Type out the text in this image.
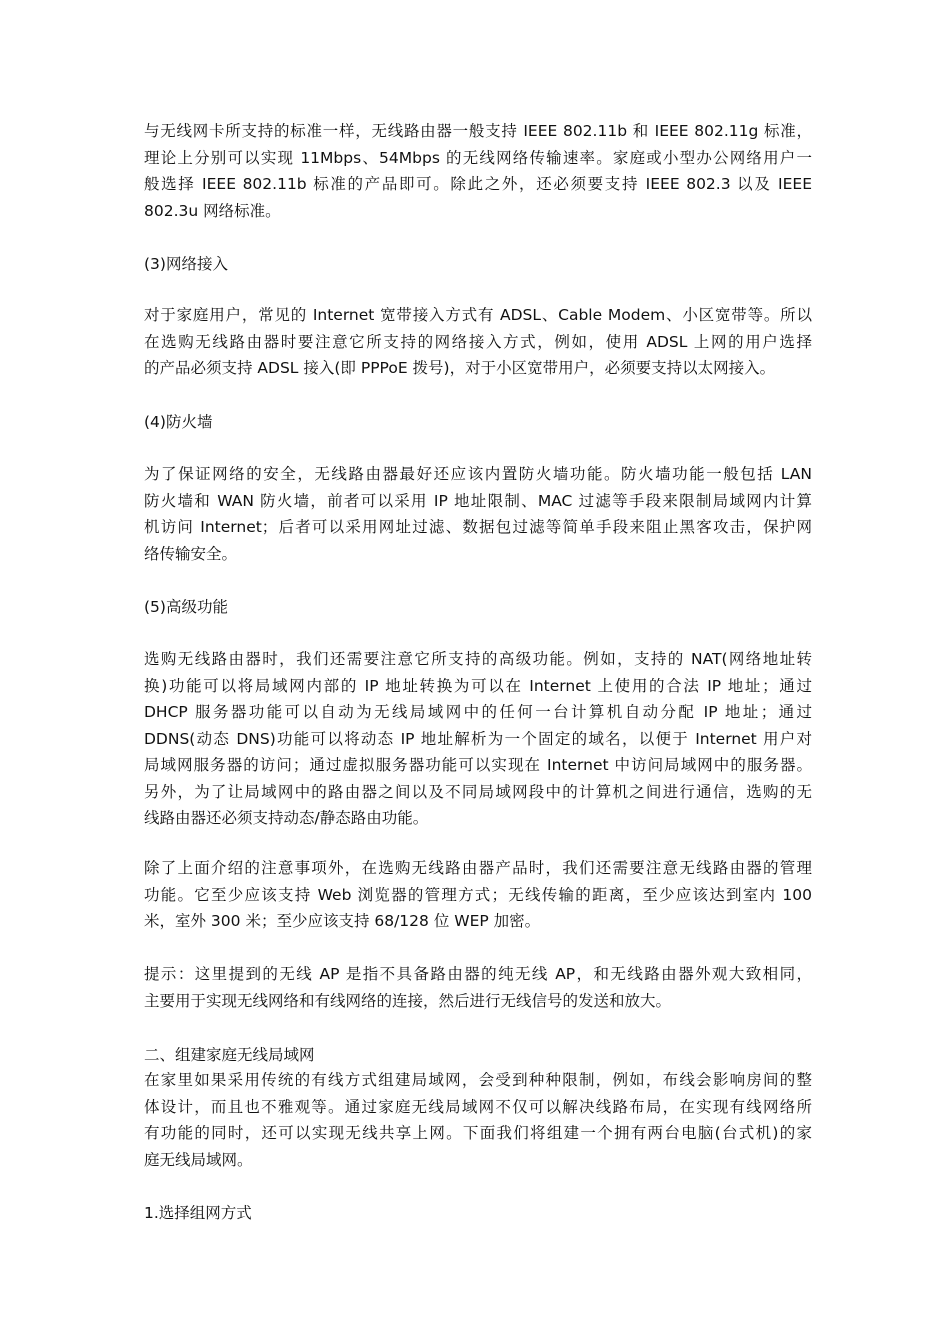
与无线网卡所支持的标准一样，无线路由器一般支持 IEEE 802.11b 和 IEEE 802.11g 标准，
理论上分别可以实现 11Mbps、54Mbps 的无线网络传输速率。家庭或小型办公网络用户一
般选择 IEEE 802.11b 标准的产品即可。除此之外，还必须要支持 IEEE 802.3 以及 IEEE
802.3u 网络标准。
(3)网络接入
对于家庭用户，常见的 Internet 宽带接入方式有 ADSL、Cable Modem、小区宽带等。所以
在选购无线路由器时要注意它所支持的网络接入方式，例如，使用 ADSL 上网的用户选择
的产品必须支持 ADSL 接入(即 PPPoE 拨号)，对于小区宽带用户，必须要支持以太网接入。
(4)防火墙
为了保证网络的安全，无线路由器最好还应该内置防火墙功能。防火墙功能一般包括 LAN
防火墙和 WAN 防火墙，前者可以采用 IP 地址限制、MAC 过滤等手段来限制局域网内计算
机访问 Internet；后者可以采用网址过滤、数据包过滤等简单手段来阻止黑客攻击，保护网
络传输安全。
(5)高级功能
选购无线路由器时，我们还需要注意它所支持的高级功能。例如，支持的 NAT(网络地址转
换)功能可以将局域网内部的 IP 地址转换为可以在 Internet 上使用的合法 IP 地址；通过
DHCP 服务器功能可以自动为无线局域网中的任何一台计算机自动分配 IP 地址；通过
DDNS(动态 DNS)功能可以将动态 IP 地址解析为一个固定的域名，以便于 Internet 用户对
局域网服务器的访问；通过虚拟服务器功能可以实现在 Internet 中访问局域网中的服务器。
另外，为了让局域网中的路由器之间以及不同局域网段中的计算机之间进行通信，选购的无
线路由器还必须支持动态/静态路由功能。
除了上面介绍的注意事项外，在选购无线路由器产品时，我们还需要注意无线路由器的管理
功能。它至少应该支持 Web 浏览器的管理方式；无线传输的距离，至少应该达到室内 100
米，室外 300 米；至少应该支持 68/128 位 WEP 加密。
提示：这里提到的无线 AP 是指不具备路由器的纯无线 AP，和无线路由器外观大致相同，
主要用于实现无线网络和有线网络的连接，然后进行无线信号的发送和放大。
二、组建家庭无线局域网
在家里如果采用传统的有线方式组建局域网，会受到种种限制，例如，布线会影响房间的整
体设计，而且也不雅观等。通过家庭无线局域网不仅可以解决线路布局，在实现有线网络所
有功能的同时，还可以实现无线共享上网。下面我们将组建一个拥有两台电脑(台式机)的家
庭无线局域网。
1.选择组网方式
